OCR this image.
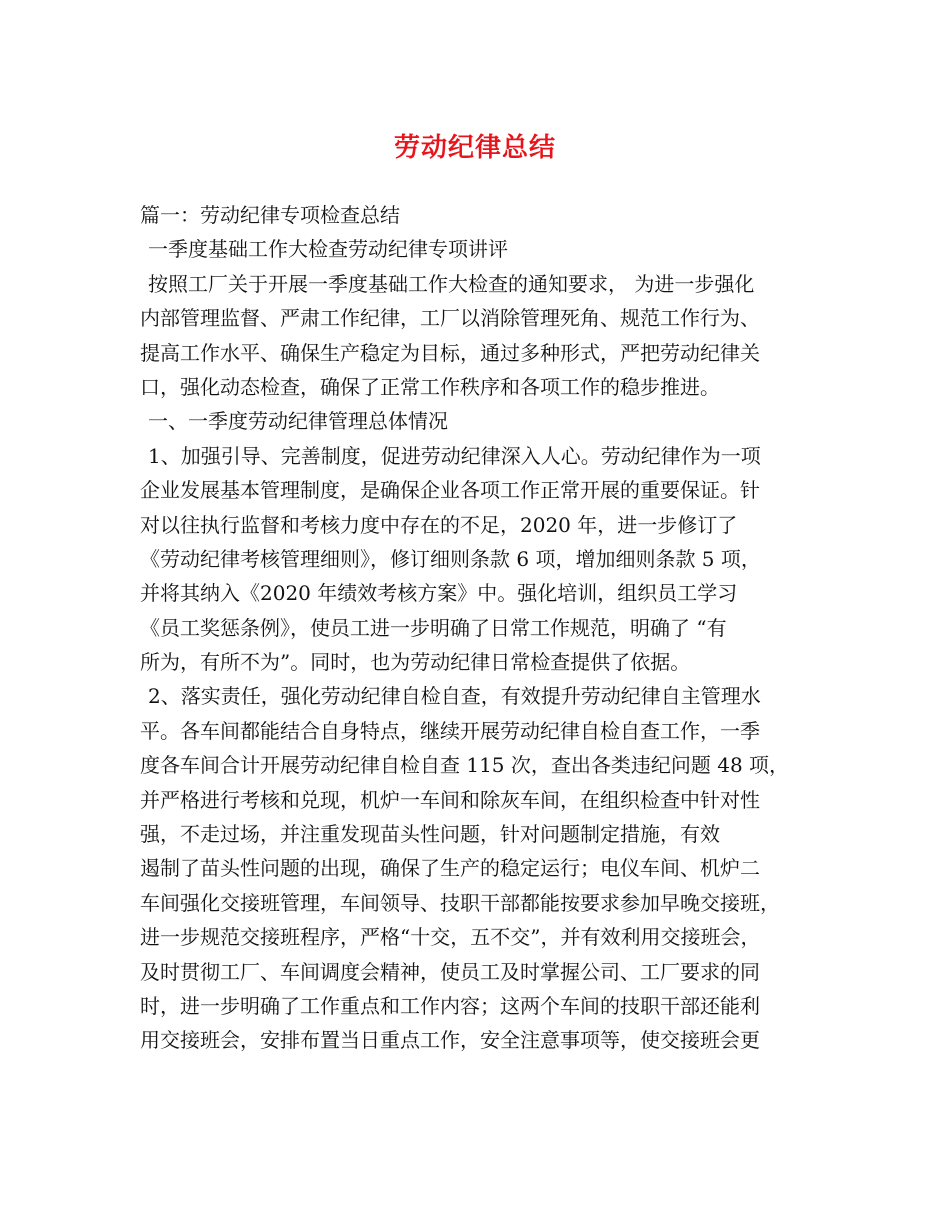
劳动纪律总结
篇一：劳动纪律专项检查总结
一季度基础工作大检查劳动纪律专项讲评
按照工厂关于开展一季度基础工作大检查的通知要求， 为进一步强化
内部管理监督、严肃工作纪律，工厂以消除管理死角、规范工作行为、
提高工作水平、确保生产稳定为目标，通过多种形式，严把劳动纪律关
口，强化动态检查，确保了正常工作秩序和各项工作的稳步推进。
一、一季度劳动纪律管理总体情况
1、加强引导、完善制度，促进劳动纪律深入人心。劳动纪律作为一项
企业发展基本管理制度，是确保企业各项工作正常开展的重要保证。针
对以往执行监督和考核力度中存在的不足，2020 年，进一步修订了
《劳动纪律考核管理细则》，修订细则条款 6 项，增加细则条款 5 项，
并将其纳入《2020 年绩效考核方案》中。强化培训，组织员工学习
《员工奖惩条例》，使员工进一步明确了日常工作规范，明确了 “有
所为，有所不为”。同时，也为劳动纪律日常检查提供了依据。
2、落实责任，强化劳动纪律自检自查，有效提升劳动纪律自主管理水
平。各车间都能结合自身特点，继续开展劳动纪律自检自查工作，一季
度各车间合计开展劳动纪律自检自查 115 次，查出各类违纪问题 48 项，
并严格进行考核和兑现，机炉一车间和除灰车间，在组织检查中针对性
强，不走过场，并注重发现苗头性问题，针对问题制定措施，有效
遏制了苗头性问题的出现，确保了生产的稳定运行；电仪车间、机炉二
车间强化交接班管理，车间领导、技职干部都能按要求参加早晚交接班，
进一步规范交接班程序，严格“十交，五不交”，并有效利用交接班会，
及时贯彻工厂、车间调度会精神，使员工及时掌握公司、工厂要求的同
时，进一步明确了工作重点和工作内容；这两个车间的技职干部还能利
用交接班会，安排布置当日重点工作，安全注意事项等，使交接班会更
